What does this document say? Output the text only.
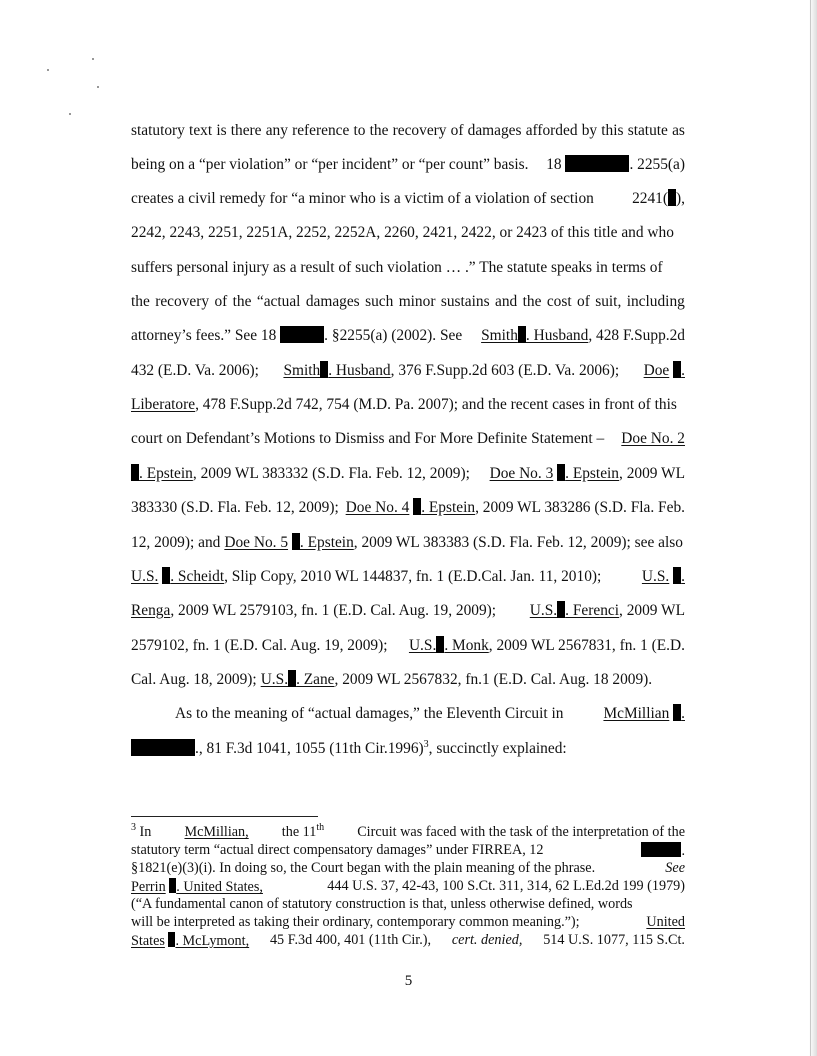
statutory text is there any reference to the recovery of damages afforded by this statute as
being on a “per violation” or “per incident” or “per count” basis. 18	. 2255(a)
creates a civil remedy for “a minor who is a victim of a violation of section 2241( ),
2242, 2243, 2251, 2251A, 2252, 2252A, 2260, 2421, 2422, or 2423 of this title and who
suffers personal injury as a result of such violation … .” The statute speaks in terms of
the recovery of the “actual damages such minor sustains and the cost of suit, including
attorney’s fees.” See 18	. §2255(a) (2002). See Smith . Husband, 428 F.Supp.2d
432 (E.D. Va. 2006); Smith . Husband, 376 F.Supp.2d 603 (E.D. Va. 2006); Doe .
Liberatore, 478 F.Supp.2d 742, 754 (M.D. Pa. 2007); and the recent cases in front of this
court on Defendant’s Motions to Dismiss and For More Definite Statement – Doe No. 2
. Epstein, 2009 WL 383332 (S.D. Fla. Feb. 12, 2009); Doe No. 3 . Epstein, 2009 WL
383330 (S.D. Fla. Feb. 12, 2009); Doe No. 4 . Epstein, 2009 WL 383286 (S.D. Fla. Feb.
12, 2009); and Doe No. 5 . Epstein, 2009 WL 383383 (S.D. Fla. Feb. 12, 2009); see also
U.S. . Scheidt, Slip Copy, 2010 WL 144837, fn. 1 (E.D.Cal. Jan. 11, 2010);	U.S. .
Renga, 2009 WL 2579103, fn. 1 (E.D. Cal. Aug. 19, 2009); U.S. . Ferenci, 2009 WL
2579102, fn. 1 (E.D. Cal. Aug. 19, 2009); U.S. . Monk, 2009 WL 2567831, fn. 1 (E.D.
Cal. Aug. 18, 2009); U.S. . Zane, 2009 WL 2567832, fn.1 (E.D. Cal. Aug. 18 2009).
As to the meaning of “actual damages,” the Eleventh Circuit in	McMillian .
., 81 F.3d 1041, 1055 (11th Cir.1996)$^3$, succinctly explained:
$^3$ In McMillian, the 11th Circuit was faced with the task of the interpretation of the
statutory term “actual direct compensatory damages” under FIRREA, 12	.
§1821(e)(3)(i). In doing so, the Court began with the plain meaning of the phrase.	See
Perrin . United States,	444 U.S. 37, 42-43, 100 S.Ct. 311, 314, 62 L.Ed.2d 199 (1979)
(“A fundamental canon of statutory construction is that, unless otherwise defined, words
will be interpreted as taking their ordinary, contemporary common meaning.”);	United
States . McLymont, 45 F.3d 400, 401 (11th Cir.), cert. denied, 514 U.S. 1077, 115 S.Ct.
5
